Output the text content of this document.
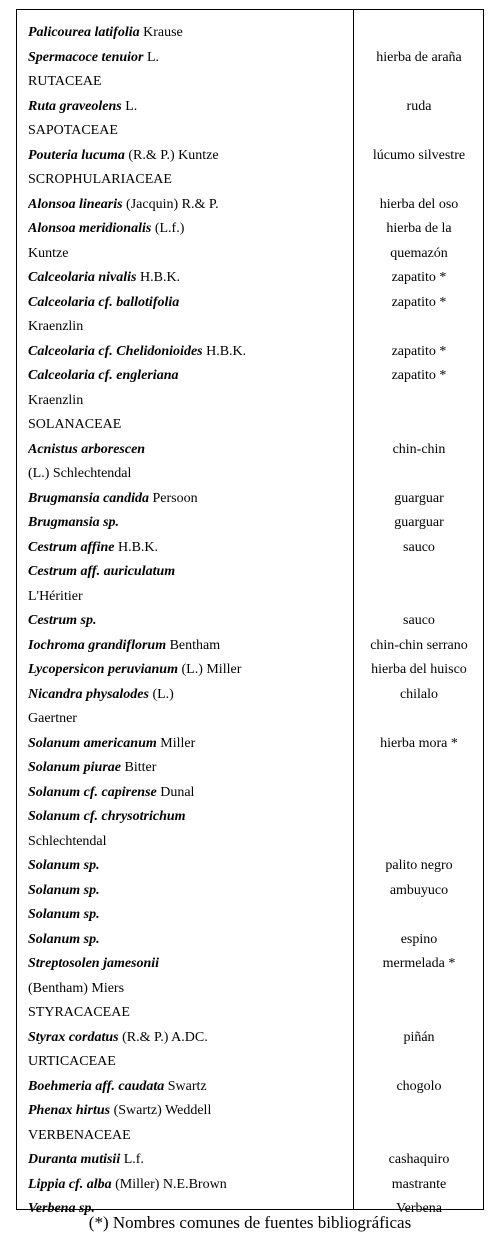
Palicourea latifolia Krause
Spermacoce tenuior L.	hierba de araña
RUTACEAE
Ruta graveolens L.	ruda
SAPOTACEAE
Pouteria lucuma (R.& P.) Kuntze	lúcumo silvestre
SCROPHULARIACEAE
Alonsoa linearis (Jacquin) R.& P.	hierba del oso
Alonsoa meridionalis (L.f.)	hierba de la
Kuntze	quemazón
Calceolaria nivalis H.B.K.	zapatito *
Calceolaria cf. ballotifolia	zapatito *
Kraenzlin
Calceolaria cf. Chelidonioides H.B.K.	zapatito *
Calceolaria cf. engleriana	zapatito *
Kraenzlin
SOLANACEAE
Acnistus arborescen	chin-chin
(L.) Schlechtendal
Brugmansia candida Persoon	guarguar
Brugmansia sp.	guarguar
Cestrum affine H.B.K.	sauco
Cestrum aff. auriculatum
L'Héritier
Cestrum sp.	sauco
Iochroma grandiflorum Bentham	chin-chin serrano
Lycopersicon peruvianum (L.) Miller	hierba del huisco
Nicandra physalodes (L.)	chilalo
Gaertner
Solanum americanum Miller	hierba mora *
Solanum piurae Bitter
Solanum cf. capirense Dunal
Solanum cf. chrysotrichum
Schlechtendal
Solanum sp.	palito negro
Solanum sp.	ambuyuco
Solanum sp.
Solanum sp.	espino
Streptosolen jamesonii	mermelada *
(Bentham) Miers
STYRACACEAE
Styrax cordatus (R.& P.) A.DC.	piñán
URTICACEAE
Boehmeria aff. caudata Swartz	chogolo
Phenax hirtus (Swartz) Weddell
VERBENACEAE
Duranta mutisii L.f.	cashaquiro
Lippia cf. alba (Miller) N.E.Brown	mastrante
Verbena sp.	Verbena
(*) Nombres comunes de fuentes bibliográficas
